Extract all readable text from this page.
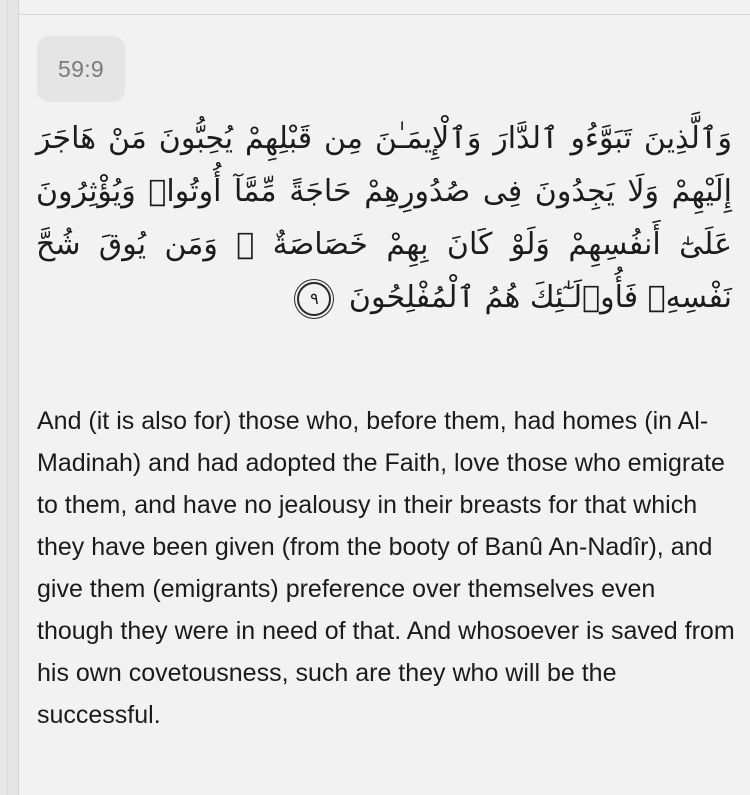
59:9
وَٱلَّذِينَ تَبَوَّءُو ٱلدَّارَ وَٱلْإِيمَـٰنَ مِن قَبْلِهِمْ يُحِبُّونَ مَنْ هَاجَرَ إِلَيْهِمْ وَلَا يَجِدُونَ فِى صُدُورِهِمْ حَاجَةً مِّمَّآ أُوتُوا۟ وَيُؤْثِرُونَ عَلَىٰٓ أَنفُسِهِمْ وَلَوْ كَانَ بِهِمْ خَصَاصَةٌ ۚ وَمَن يُوقَ شُحَّ نَفْسِهِۦ فَأُو۟لَـٰٓئِكَ هُمُ ٱلْمُفْلِحُونَ
٩

And (it is also for) those who, before them, had homes (in Al-Madinah) and had adopted the Faith, love those who emigrate to them, and have no jealousy in their breasts for that which they have been given (from the booty of Banû An-Nadîr), and give them (emigrants) preference over themselves even though they were in need of that. And whosoever is saved from his own covetousness, such are they who will be the successful.
